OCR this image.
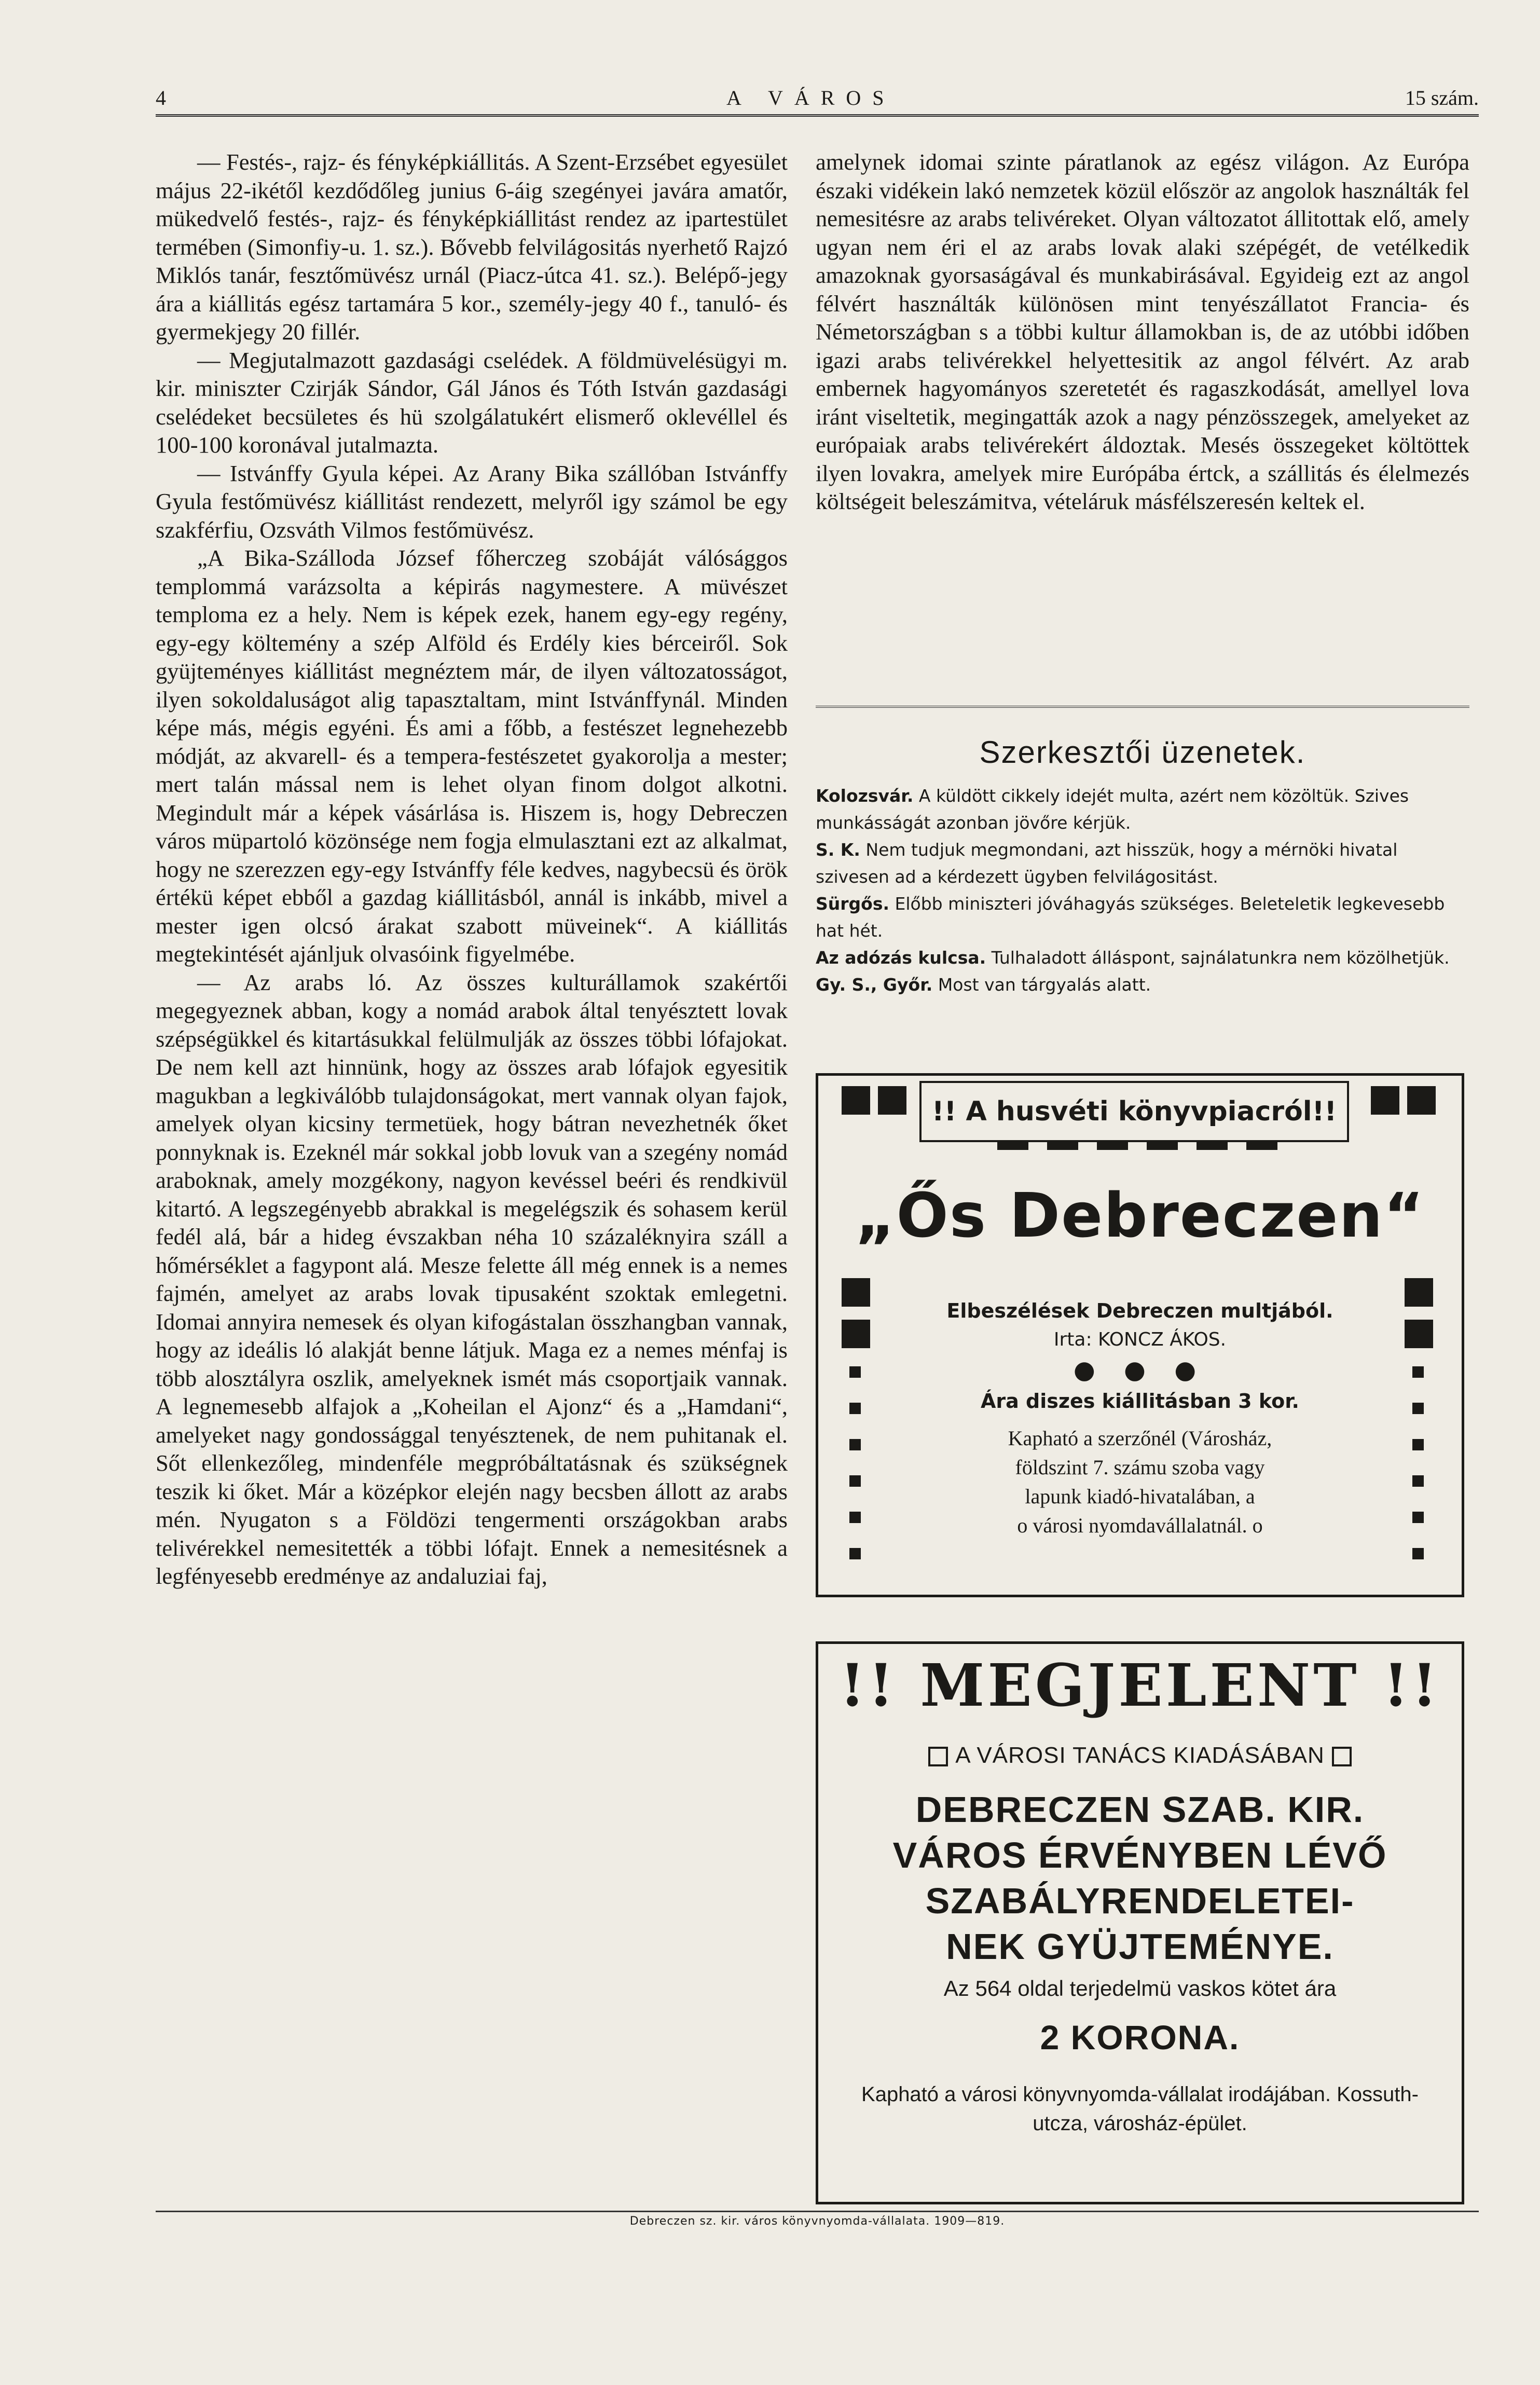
4	A VÁROS	15 szám.

— Festés-, rajz- és fényképkiállitás. A Szent-Erzsébet egyesület május 22-ikétől kezdődőleg junius 6-áig szegényei javára amatőr, mükedvelő festés-, rajz- és fényképkiállitást rendez az ipartestület termében (Simonfiy-u. 1. sz.). Bővebb felvilágositás nyerhető Rajzó Miklós tanár, fesztőmüvész urnál (Piacz-útca 41. sz.). Belépő-jegy ára a kiállitás egész tartamára 5 kor., személy-jegy 40 f., tanuló- és gyermekjegy 20 fillér.

— Megjutalmazott gazdasági cselédek. A földmüvelésügyi m. kir. miniszter Czirják Sándor, Gál János és Tóth István gazdasági cselédeket becsületes és hü szolgálatukért elismerő oklevéllel és 100-100 koronával jutalmazta.

— Istvánffy Gyula képei. Az Arany Bika szállóban Istvánffy Gyula festőmüvész kiállitást rendezett, melyről igy számol be egy szakférfiu, Ozsváth Vilmos festőmüvész.

„A Bika-Szálloda József főherczeg szobáját válósággos templommá varázsolta a képirás nagymestere. A müvészet temploma ez a hely. Nem is képek ezek, hanem egy-egy regény, egy-egy költemény a szép Alföld és Erdély kies bérceiről. Sok gyüjteményes kiállitást megnéztem már, de ilyen változatosságot, ilyen sokoldaluságot alig tapasztaltam, mint Istvánffynál. Minden képe más, mégis egyéni. És ami a főbb, a festészet legnehezebb módját, az akvarell- és a tempera-festészetet gyakorolja a mester; mert talán mással nem is lehet olyan finom dolgot alkotni. Megindult már a képek vásárlása is. Hiszem is, hogy Debreczen város müpartoló közönsége nem fogja elmulasztani ezt az alkalmat, hogy ne szerezzen egy-egy Istvánffy féle kedves, nagybecsü és örök értékü képet ebből a gazdag kiállitásból, annál is inkább, mivel a mester igen olcsó árakat szabott müveinek“. A kiállitás megtekintését ajánljuk olvasóink figyelmébe.

— Az arabs ló. Az összes kulturállamok szakértői megegyeznek abban, kogy a nomád arabok által tenyésztett lovak szépségükkel és kitartásukkal felülmulják az összes többi lófajokat. De nem kell azt hinnünk, hogy az összes arab lófajok egyesitik magukban a legkiválóbb tulajdonságokat, mert vannak olyan fajok, amelyek olyan kicsiny termetüek, hogy bátran nevezhetnék őket ponnyknak is. Ezeknél már sokkal jobb lovuk van a szegény nomád araboknak, amely mozgékony, nagyon kevéssel beéri és rendkivül kitartó. A legszegényebb abrakkal is megelégszik és sohasem kerül fedél alá, bár a hideg évszakban néha 10 százaléknyira száll a hőmérséklet a fagypont alá. Mesze felette áll még ennek is a nemes fajmén, amelyet az arabs lovak tipusaként szoktak emlegetni. Idomai annyira nemesek és olyan kifogástalan összhangban vannak, hogy az ideális ló alakját benne látjuk. Maga ez a nemes ménfaj is több alosztályra oszlik, amelyeknek ismét más csoportjaik vannak. A legnemesebb alfajok a „Koheilan el Ajonz“ és a „Hamdani“, amelyeket nagy gondossággal tenyésztenek, de nem puhitanak el. Sőt ellenkezőleg, mindenféle megpróbáltatásnak és szükségnek teszik ki őket. Már a középkor elején nagy becsben állott az arabs mén. Nyugaton s a Földözi tengermenti országokban arabs telivérekkel nemesitették a többi lófajt. Ennek a nemesitésnek a legfényesebb eredménye az andaluziai faj,

amelynek idomai szinte páratlanok az egész világon. Az Európa északi vidékein lakó nemzetek közül először az angolok használták fel nemesitésre az arabs telivéreket. Olyan változatot állitottak elő, amely ugyan nem éri el az arabs lovak alaki szépégét, de vetélkedik amazoknak gyorsaságával és munkabirásával. Egyideig ezt az angol félvért használták különösen mint tenyészállatot Francia- és Németországban s a többi kultur államokban is, de az utóbbi időben igazi arabs telivérekkel helyettesitik az angol félvért. Az arab embernek hagyományos szeretetét és ragaszkodását, amellyel lova iránt viseltetik, megingatták azok a nagy pénzösszegek, amelyeket az európaiak arabs telivérekért áldoztak. Mesés összegeket költöttek ilyen lovakra, amelyek mire Európába értck, a szállitás és élelmezés költségeit beleszámitva, vételáruk másfélszeresén keltek el.

Szerkesztői üzenetek.

Kolozsvár. A küldött cikkely idejét multa, azért nem közöltük. Szives munkásságát azonban jövőre kérjük.

S. K. Nem tudjuk megmondani, azt hisszük, hogy a mérnöki hivatal szivesen ad a kérdezett ügyben felvilágositást.

Sürgős. Előbb miniszteri jóváhagyás szükséges. Beleteletik legkevesebb hat hét.

Az adózás kulcsa. Tulhaladott álláspont, sajnálatunkra nem közölhetjük.

Gy. S., Győr. Most van tárgyalás alatt.

!! A husvéti könyvpiacról!!
„Ős Debreczen“
Elbeszélések Debreczen multjából.
Irta: KONCZ ÁKOS.
● ● ●
Ára diszes kiállitásban 3 kor.
Kapható a szerzőnél (Városház,
földszint 7. számu szoba vagy
lapunk kiadó-hivatalában, a
o városi nyomdavállalatnál. o
!! MEGJELENT !!
A VÁROSI TANÁCS KIADÁSÁBAN
DEBRECZEN SZAB. KIR.
VÁROS ÉRVÉNYBEN LÉVŐ
SZABÁLYRENDELETEI-
NEK GYÜJTEMÉNYE.
Az 564 oldal terjedelmü vaskos kötet ára
2 KORONA.
Kapható a városi könyvnyomda-vállalat irodájában. Kossuth-utcza, városház-épület.
Debreczen sz. kir. város könyvnyomda-vállalata. 1909—819.
